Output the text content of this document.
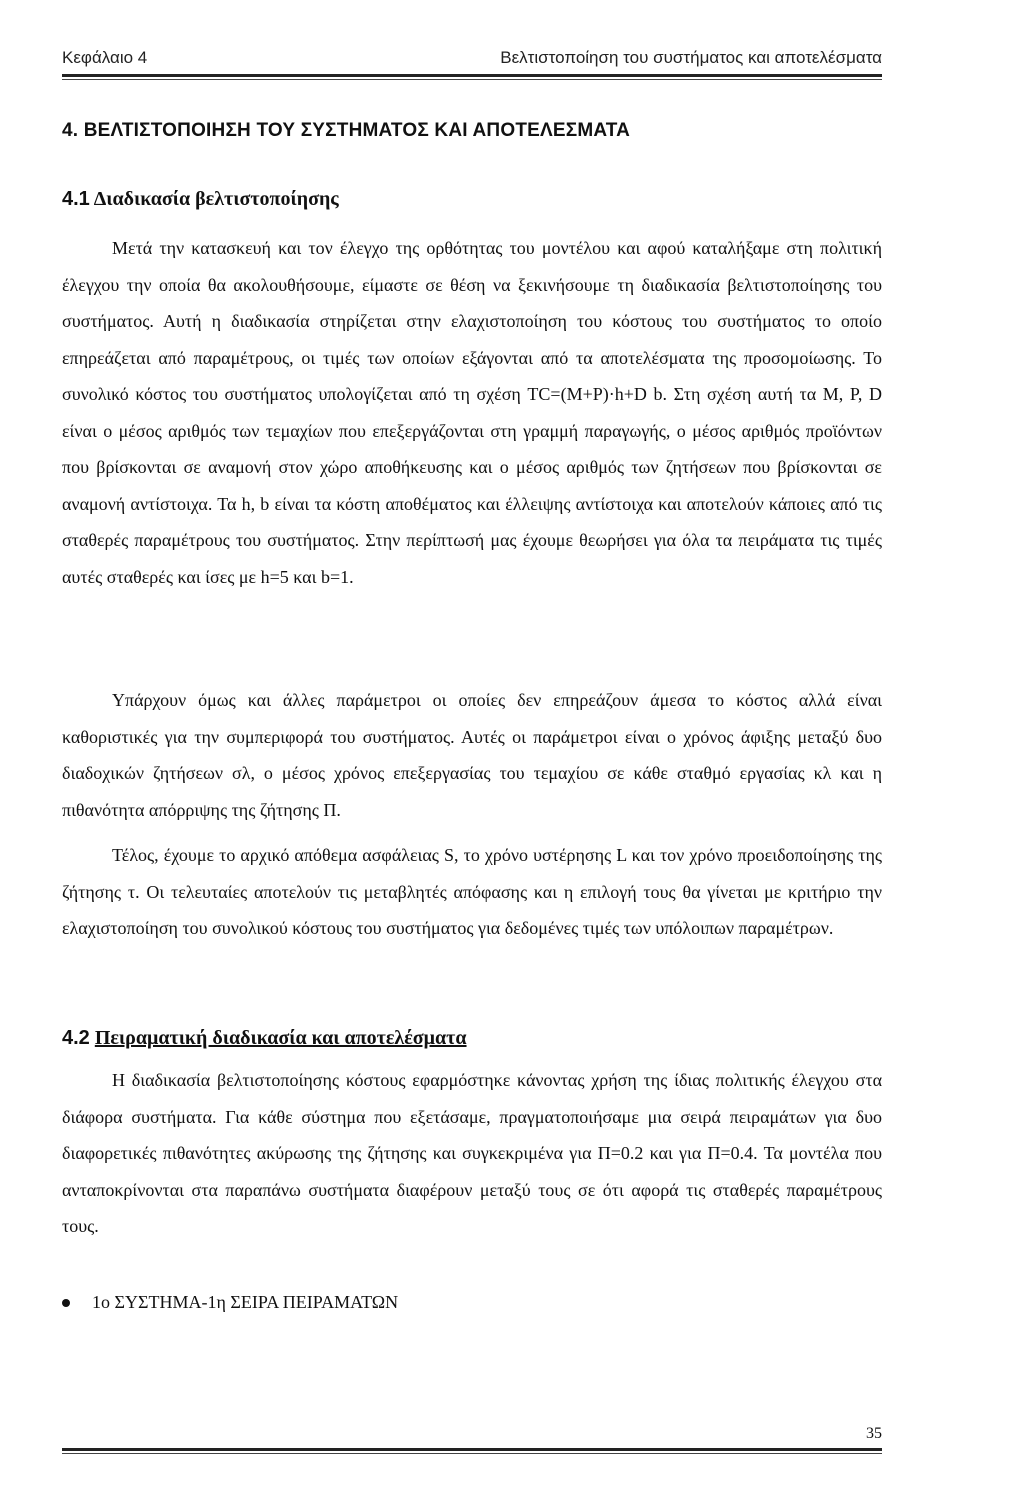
Κεφάλαιο 4	Βελτιστοποίηση του συστήματος και αποτελέσματα
4. ΒΕΛΤΙΣΤΟΠΟΙΗΣΗ ΤΟΥ ΣΥΣΤΗΜΑΤΟΣ ΚΑΙ ΑΠΟΤΕΛΕΣΜΑΤΑ
4.1 Διαδικασία βελτιστοποίησης

Μετά την κατασκευή και τον έλεγχο της ορθότητας του μοντέλου και αφού καταλήξαμε στη πολιτική έλεγχου την οποία θα ακολουθήσουμε, είμαστε σε θέση να ξεκινήσουμε τη διαδικασία βελτιστοποίησης του συστήματος. Αυτή η διαδικασία στηρίζεται στην ελαχιστοποίηση του κόστους του συστήματος το οποίο επηρεάζεται από παραμέτρους, οι τιμές των οποίων εξάγονται από τα αποτελέσματα της προσομοίωσης. Το συνολικό κόστος του συστήματος υπολογίζεται από τη σχέση TC=(M+P)·h+D b. Στη σχέση αυτή τα M, P, D είναι ο μέσος αριθμός των τεμαχίων που επεξεργάζονται στη γραμμή παραγωγής, ο μέσος αριθμός προϊόντων που βρίσκονται σε αναμονή στον χώρο αποθήκευσης και ο μέσος αριθμός των ζητήσεων που βρίσκονται σε αναμονή αντίστοιχα. Τα h, b είναι τα κόστη αποθέματος και έλλειψης αντίστοιχα και αποτελούν κάποιες από τις σταθερές παραμέτρους του συστήματος. Στην περίπτωσή μας έχουμε θεωρήσει για όλα τα πειράματα τις τιμές αυτές σταθερές και ίσες με h=5 και b=1.

Υπάρχουν όμως και άλλες παράμετροι οι οποίες δεν επηρεάζουν άμεσα το κόστος αλλά είναι καθοριστικές για την συμπεριφορά του συστήματος. Αυτές οι παράμετροι είναι ο χρόνος άφιξης μεταξύ δυο διαδοχικών ζητήσεων σλ, ο μέσος χρόνος επεξεργασίας του τεμαχίου σε κάθε σταθμό εργασίας κλ και η πιθανότητα απόρριψης της ζήτησης Π.

Τέλος, έχουμε το αρχικό απόθεμα ασφάλειας S, το χρόνο υστέρησης L και τον χρόνο προειδοποίησης της ζήτησης τ. Οι τελευταίες αποτελούν τις μεταβλητές απόφασης και η επιλογή τους θα γίνεται με κριτήριο την ελαχιστοποίηση του συνολικού κόστους του συστήματος για δεδομένες τιμές των υπόλοιπων παραμέτρων.

4.2 Πειραματική διαδικασία και αποτελέσματα

Η διαδικασία βελτιστοποίησης κόστους εφαρμόστηκε κάνοντας χρήση της ίδιας πολιτικής έλεγχου στα διάφορα συστήματα. Για κάθε σύστημα που εξετάσαμε, πραγματοποιήσαμε μια σειρά πειραμάτων για δυο διαφορετικές πιθανότητες ακύρωσης της ζήτησης και συγκεκριμένα για Π=0.2 και για Π=0.4. Τα μοντέλα που ανταποκρίνονται στα παραπάνω συστήματα διαφέρουν μεταξύ τους σε ότι αφορά τις σταθερές παραμέτρους τους.

1ο ΣΥΣΤΗΜΑ-1η ΣΕΙΡΑ ΠΕΙΡΑΜΑΤΩΝ
35
